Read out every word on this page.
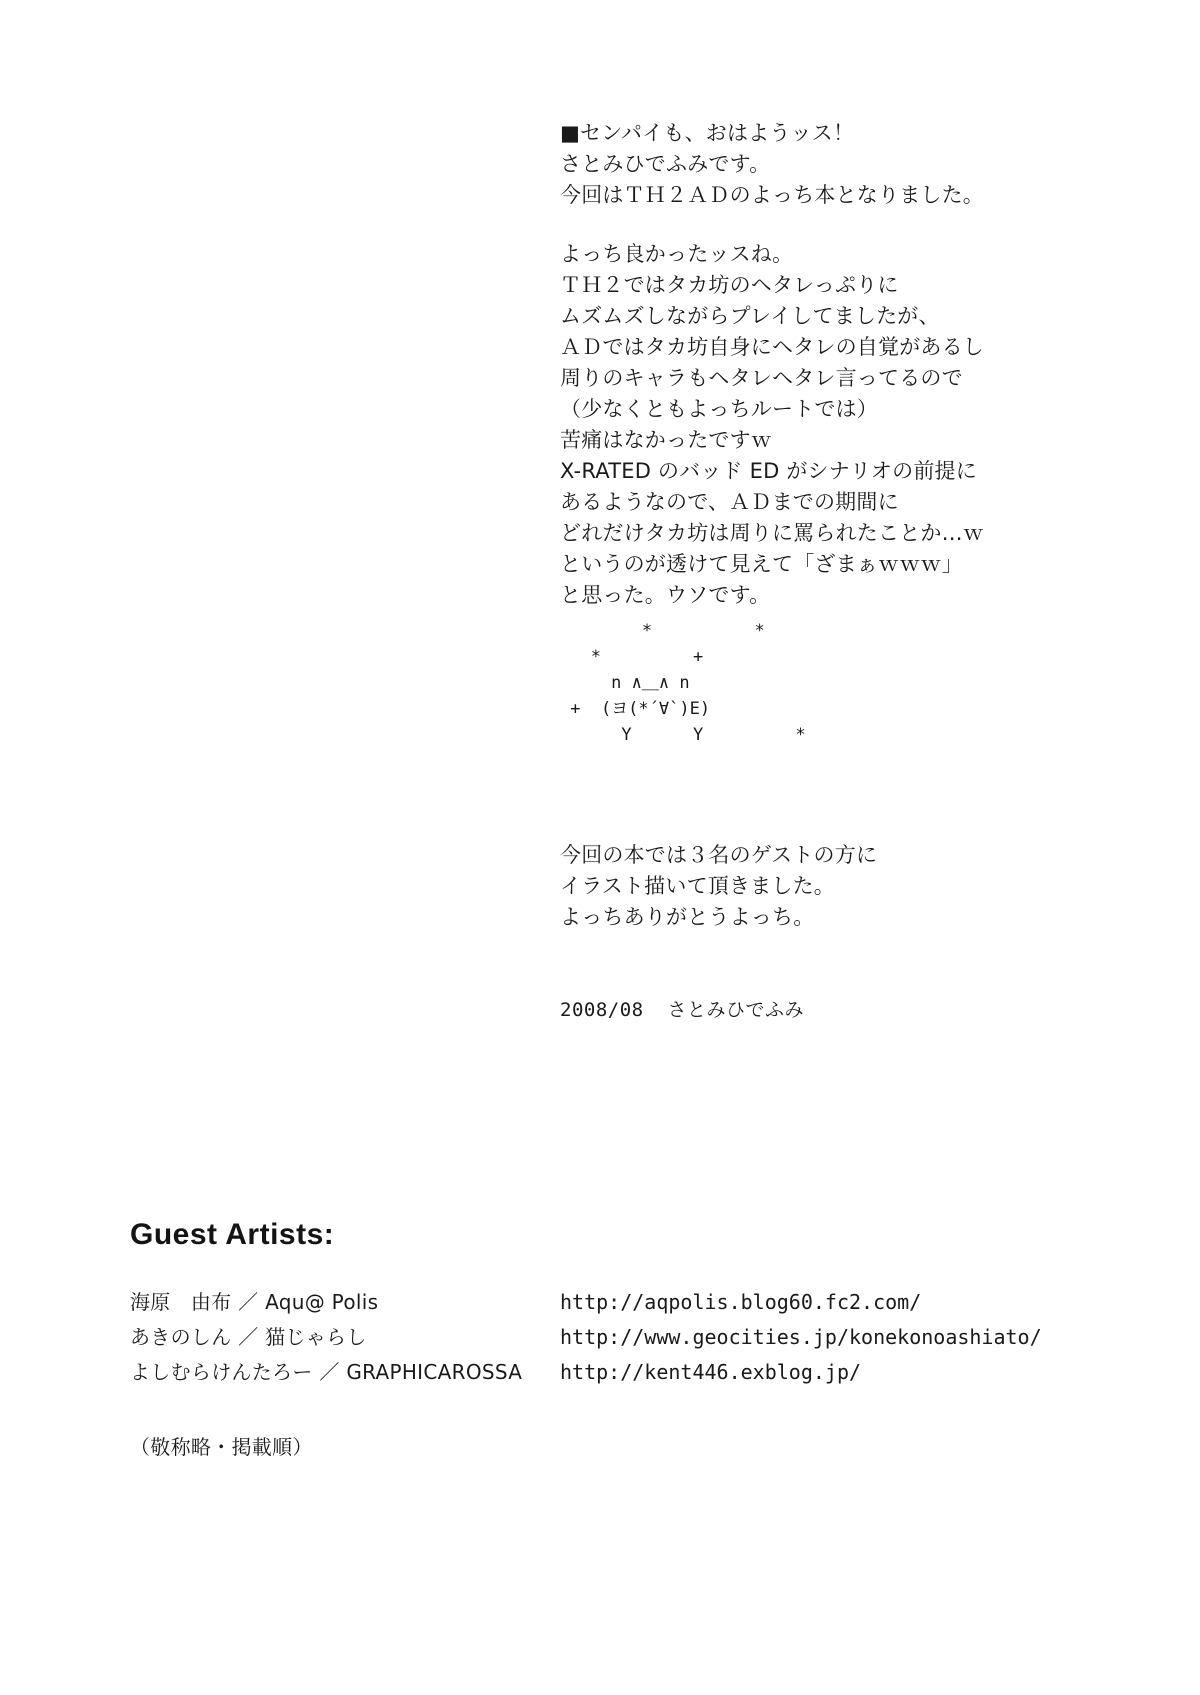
■センパイも、おはようッス！
さとみひでふみです。
今回はＴＨ２ＡＤのよっち本となりました。
よっち良かったッスね。
ＴＨ２ではタカ坊のヘタレっぷりに
ムズムズしながらプレイしてましたが、
ＡＤではタカ坊自身にヘタレの自覚があるし
周りのキャラもヘタレヘタレ言ってるので
（少なくともよっちルートでは）
苦痛はなかったですｗ
X-RATED のバッド ED がシナリオの前提に
あるようなので、ＡＤまでの期間に
どれだけタカ坊は周りに罵られたことか…ｗ
というのが透けて見えて「ざまぁｗｗｗ」
と思った。ウソです。
*          *
*         +
n ∧＿∧ n
+  (ヨ(*´∀`)Ε)
Y      Y         *
今回の本では３名のゲストの方に
イラスト描いて頂きました。
よっちありがとうよっち。
2008/08  さとみひでふみ
Guest Artists:
海原　由布 ／ Aqu@ Polis	http://aqpolis.blog60.fc2.com/
あきのしん ／ 猫じゃらし	http://www.geocities.jp/konekonoashiato/
よしむらけんたろー ／ GRAPHICAROSSA	http://kent446.exblog.jp/
（敬称略・掲載順）
